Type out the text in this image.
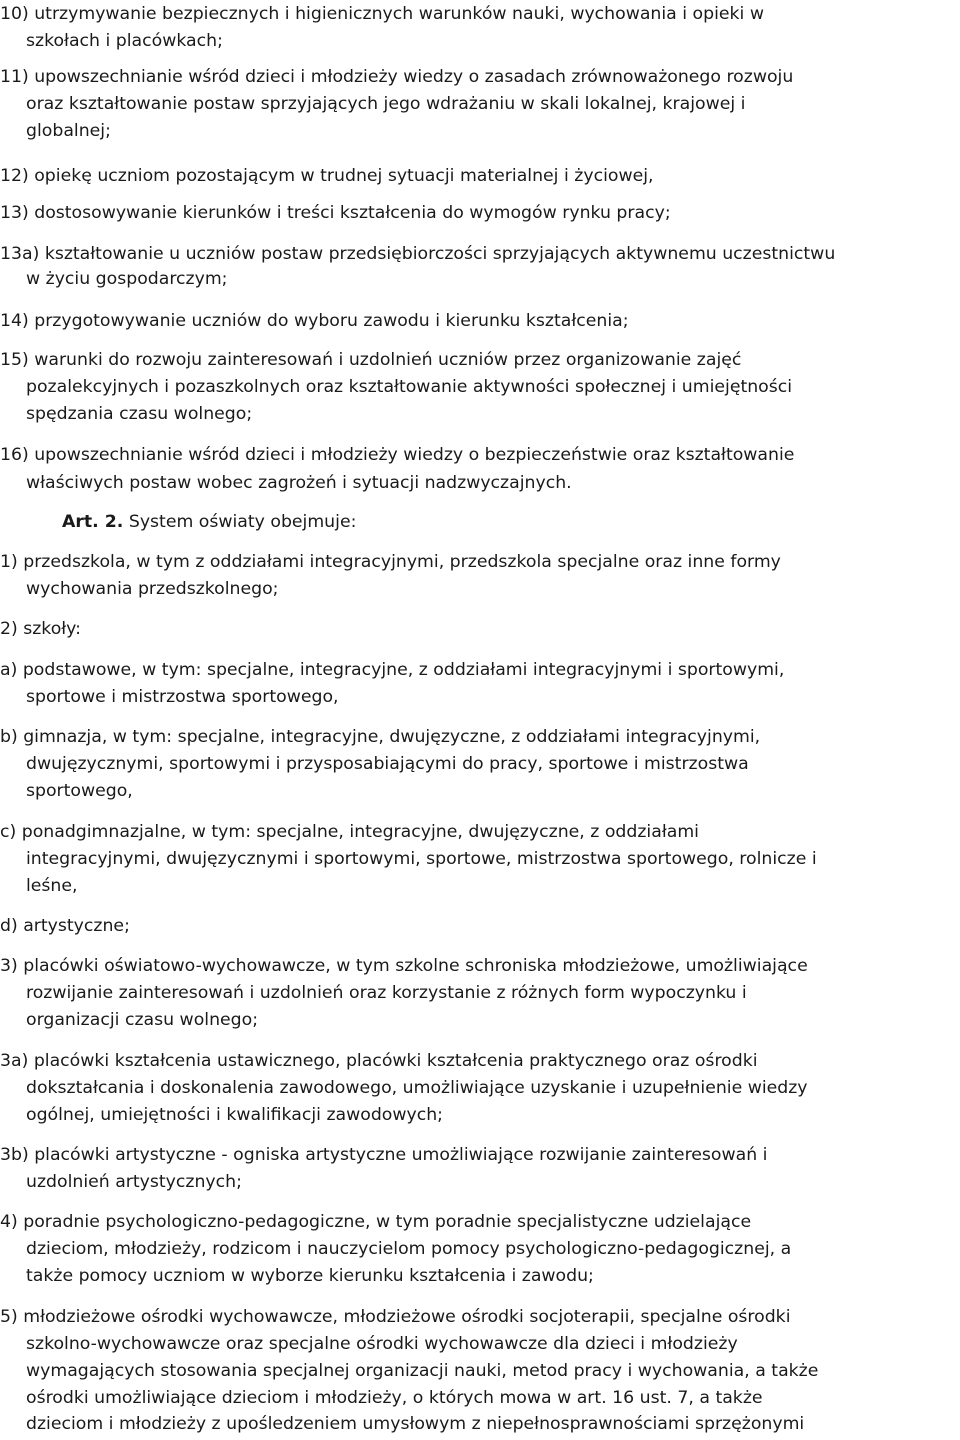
10) utrzymywanie bezpiecznych i higienicznych warunków nauki, wychowania i opieki w
szkołach i placówkach;
11) upowszechnianie wśród dzieci i młodzieży wiedzy o zasadach zrównoważonego rozwoju
oraz kształtowanie postaw sprzyjających jego wdrażaniu w skali lokalnej, krajowej i
globalnej;
12) opiekę uczniom pozostającym w trudnej sytuacji materialnej i życiowej,
13) dostosowywanie kierunków i treści kształcenia do wymogów rynku pracy;
13a) kształtowanie u uczniów postaw przedsiębiorczości sprzyjających aktywnemu uczestnictwu
w życiu gospodarczym;
14) przygotowywanie uczniów do wyboru zawodu i kierunku kształcenia;
15) warunki do rozwoju zainteresowań i uzdolnień uczniów przez organizowanie zajęć
pozalekcyjnych i pozaszkolnych oraz kształtowanie aktywności społecznej i umiejętności
spędzania czasu wolnego;
16) upowszechnianie wśród dzieci i młodzieży wiedzy o bezpieczeństwie oraz kształtowanie
właściwych postaw wobec zagrożeń i sytuacji nadzwyczajnych.
Art. 2. System oświaty obejmuje:
1) przedszkola, w tym z oddziałami integracyjnymi, przedszkola specjalne oraz inne formy
wychowania przedszkolnego;
2) szkoły:
a) podstawowe, w tym: specjalne, integracyjne, z oddziałami integracyjnymi i sportowymi,
sportowe i mistrzostwa sportowego,
b) gimnazja, w tym: specjalne, integracyjne, dwujęzyczne, z oddziałami integracyjnymi,
dwujęzycznymi, sportowymi i przysposabiającymi do pracy, sportowe i mistrzostwa
sportowego,
c) ponadgimnazjalne, w tym: specjalne, integracyjne, dwujęzyczne, z oddziałami
integracyjnymi, dwujęzycznymi i sportowymi, sportowe, mistrzostwa sportowego, rolnicze i
leśne,
d) artystyczne;
3) placówki oświatowo-wychowawcze, w tym szkolne schroniska młodzieżowe, umożliwiające
rozwijanie zainteresowań i uzdolnień oraz korzystanie z różnych form wypoczynku i
organizacji czasu wolnego;
3a) placówki kształcenia ustawicznego, placówki kształcenia praktycznego oraz ośrodki
dokształcania i doskonalenia zawodowego, umożliwiające uzyskanie i uzupełnienie wiedzy
ogólnej, umiejętności i kwalifikacji zawodowych;
3b) placówki artystyczne - ogniska artystyczne umożliwiające rozwijanie zainteresowań i
uzdolnień artystycznych;
4) poradnie psychologiczno-pedagogiczne, w tym poradnie specjalistyczne udzielające
dzieciom, młodzieży, rodzicom i nauczycielom pomocy psychologiczno-pedagogicznej, a
także pomocy uczniom w wyborze kierunku kształcenia i zawodu;
5) młodzieżowe ośrodki wychowawcze, młodzieżowe ośrodki socjoterapii, specjalne ośrodki
szkolno-wychowawcze oraz specjalne ośrodki wychowawcze dla dzieci i młodzieży
wymagających stosowania specjalnej organizacji nauki, metod pracy i wychowania, a także
ośrodki umożliwiające dzieciom i młodzieży, o których mowa w art. 16 ust. 7, a także
dzieciom i młodzieży z upośledzeniem umysłowym z niepełnosprawnościami sprzężonymi
